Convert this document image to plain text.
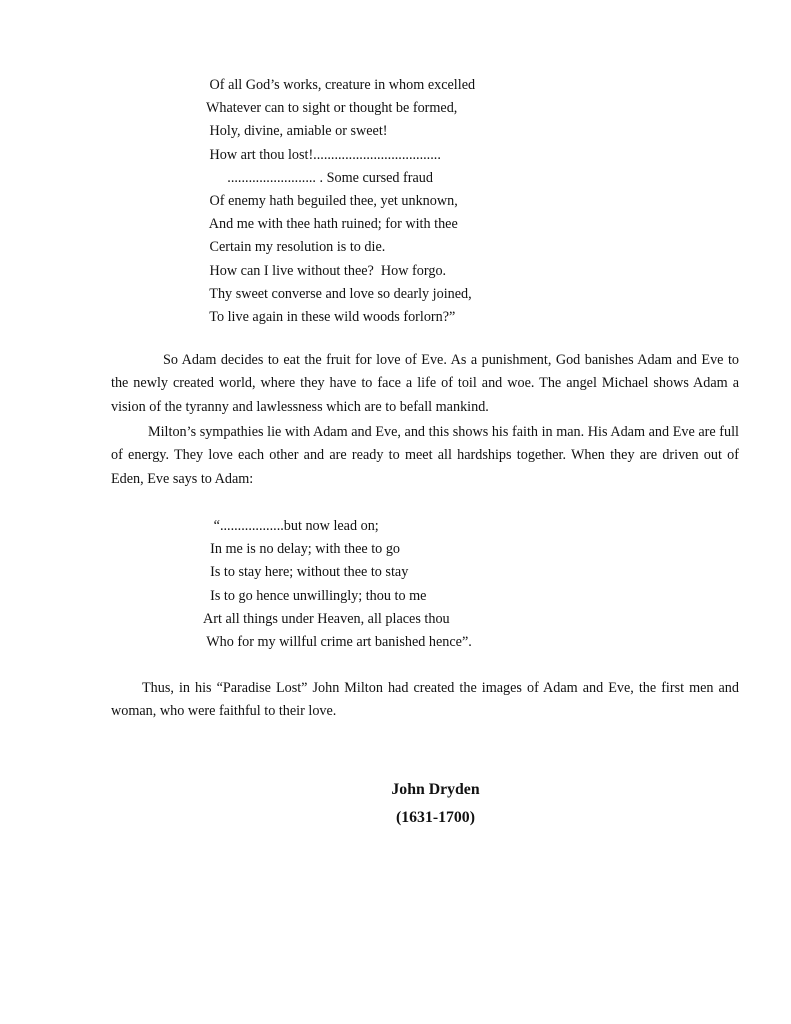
Of all God’s works, creature in whom excelled
Whatever can to sight or thought be formed,
Holy, divine, amiable or sweet!
How art thou lost!....................................
......................... . Some cursed fraud
Of enemy hath beguiled thee, yet unknown,
And me with thee hath ruined; for with thee
Certain my resolution is to die.
How can I live without thee?  How forgo.
Thy sweet converse and love so dearly joined,
To live again in these wild woods forlorn?”

So Adam decides to eat the fruit for love of Eve. As a punishment, God banishes Adam and Eve to the newly created world, where they have to face a life of toil and woe. The angel Michael shows Adam a vision of the tyranny and lawlessness which are to befall mankind.

Milton’s sympathies lie with Adam and Eve, and this shows his faith in man. His Adam and Eve are full of energy. They love each other and are ready to meet all hardships together. When they are driven out of Eden, Eve says to Adam:

“..................but now lead on;
In me is no delay; with thee to go
Is to stay here; without thee to stay
Is to go hence unwillingly; thou to me
Art all things under Heaven, all places thou
Who for my willful crime art banished hence”.

Thus, in his “Paradise Lost” John Milton had created the images of Adam and Eve, the first men and woman, who were faithful to their love.

John Dryden
(1631-1700)
